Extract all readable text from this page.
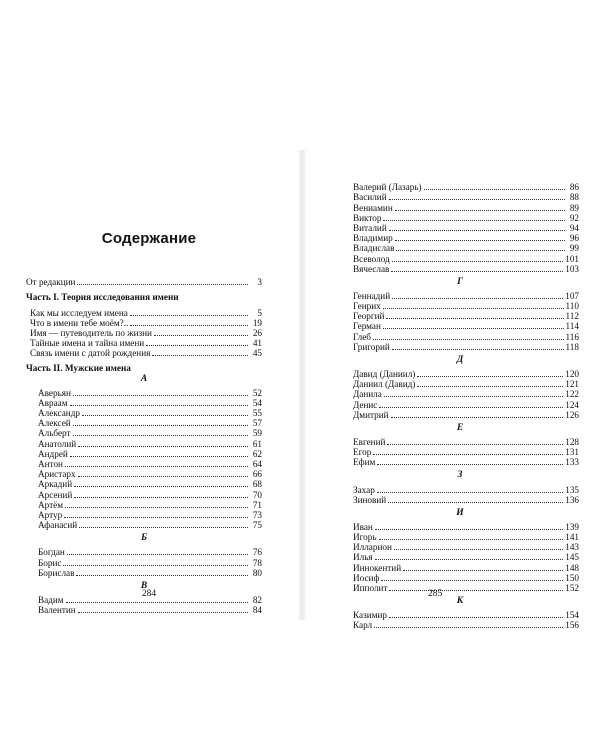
Содержание
От редакции	3
Часть I. Теория исследования имени
Как мы исследуем имена	5
Что в имени тебе моём?..	19
Имя — путеводитель по жизни	26
Тайные имена и тайна имени	41
Связь имени с датой рождения	45
Часть II. Мужские имена
А
Аверьян	52
Авраам	54
Александр	55
Алексей	57
Альберт	59
Анатолий	61
Андрей	62
Антон	64
Аристарх	66
Аркадий	68
Арсений	70
Артём	71
Артур	73
Афанасий	75
Б
Богдан	76
Борис	78
Борислав	80
В
Вадим	82
Валентин	84
284
Валерий (Лазарь)	86
Василий	88
Вениамин	89
Виктор	92
Виталий	94
Владимир	96
Владислав	99
Всеволод	101
Вячеслав	103
Г
Геннадий	107
Генрих	110
Георгий	112
Герман	114
Глеб	116
Григорий	118
Д
Давид (Даниил)	120
Даниил (Давид)	121
Данила	122
Денис	124
Дмитрий	126
Е
Евгений	128
Егор	131
Ефим	133
З
Захар	135
Зиновий	136
И
Иван	139
Игорь	141
Илларион	143
Илья	145
Иннокентий	148
Иосиф	150
Ипполит	152
К
Казимир	154
Карл	156
285
